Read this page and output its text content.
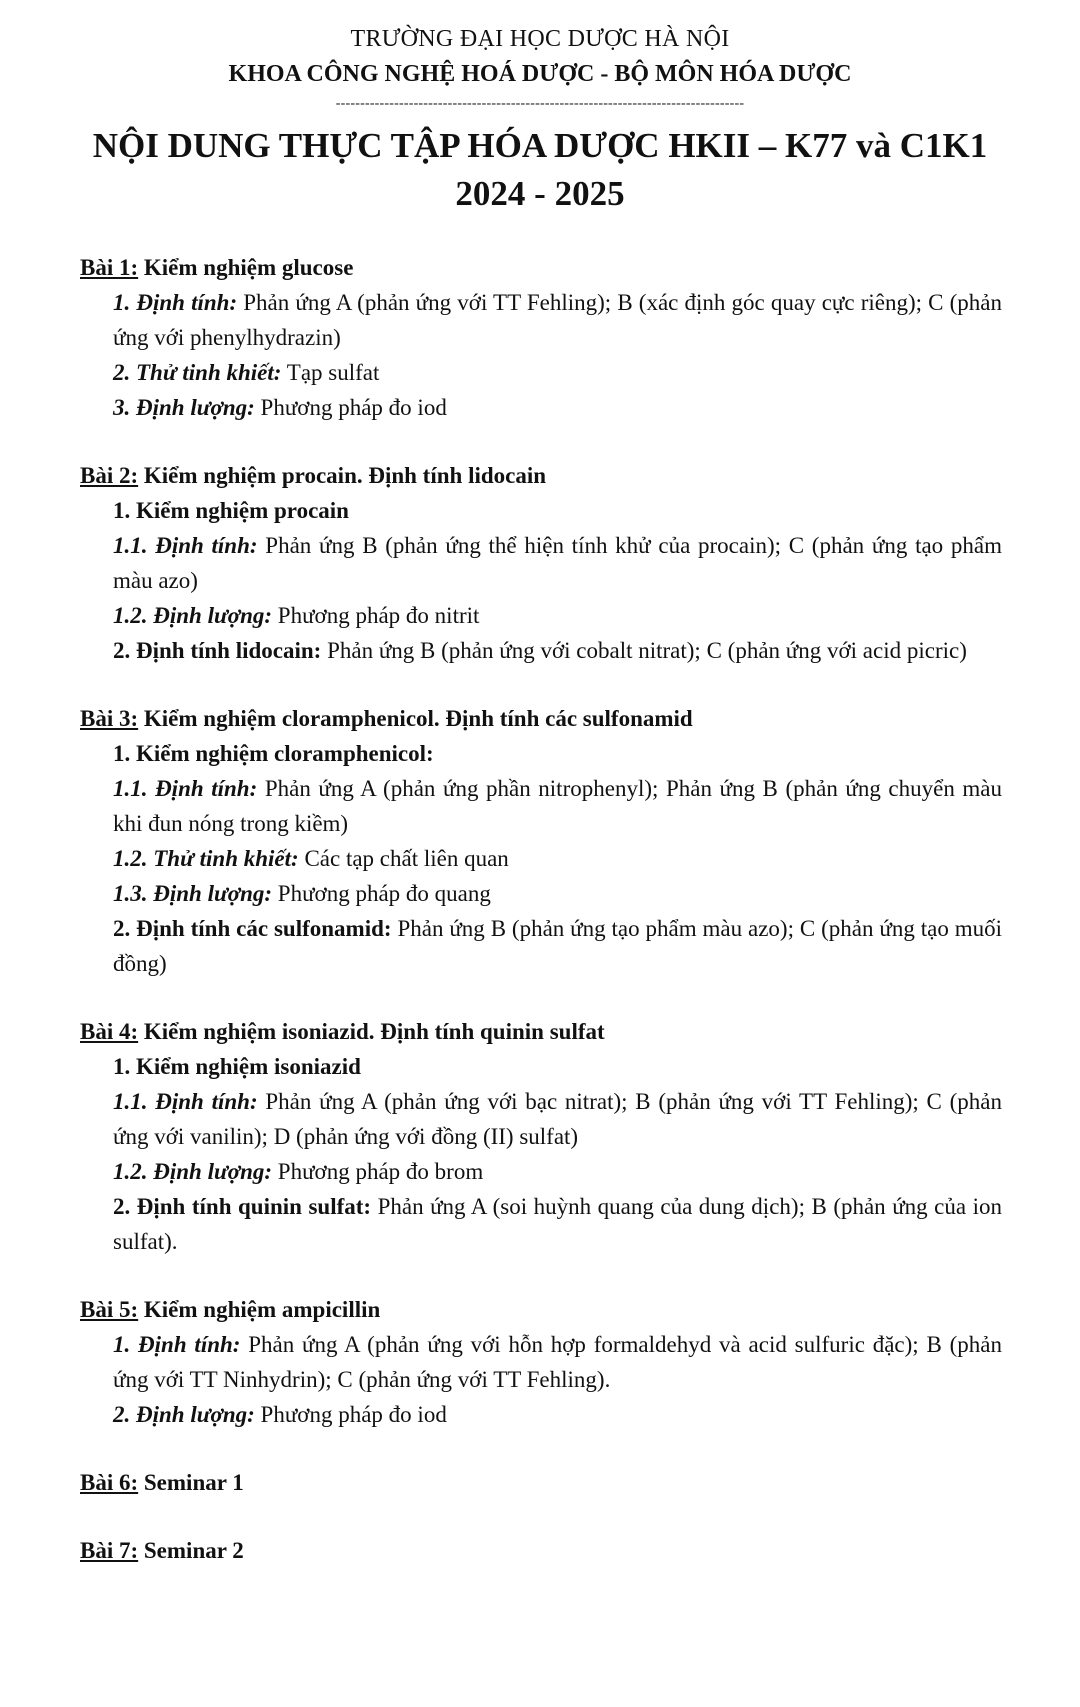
TRƯỜNG ĐẠI HỌC DƯỢC HÀ NỘI
KHOA CÔNG NGHỆ HOÁ DƯỢC - BỘ MÔN HÓA DƯỢC
------------------------------------------------------------------------------------
NỘI DUNG THỰC TẬP HÓA DƯỢC HKII – K77 và C1K1
2024 - 2025
Bài 1: Kiểm nghiệm glucose
1. Định tính: Phản ứng A (phản ứng với TT Fehling); B (xác định góc quay cực riêng); C (phản ứng với phenylhydrazin)
2. Thử tinh khiết: Tạp sulfat
3. Định lượng: Phương pháp đo iod
Bài 2: Kiểm nghiệm procain. Định tính lidocain
1. Kiểm nghiệm procain
1.1. Định tính: Phản ứng B (phản ứng thể hiện tính khử của procain); C (phản ứng tạo phẩm màu azo)
1.2. Định lượng: Phương pháp đo nitrit
2. Định tính lidocain: Phản ứng B (phản ứng với cobalt nitrat); C (phản ứng với acid picric)
Bài 3: Kiểm nghiệm cloramphenicol. Định tính các sulfonamid
1. Kiểm nghiệm cloramphenicol:
1.1. Định tính: Phản ứng A (phản ứng phần nitrophenyl); Phản ứng B (phản ứng chuyển màu khi đun nóng trong kiềm)
1.2. Thử tinh khiết: Các tạp chất liên quan
1.3. Định lượng: Phương pháp đo quang
2. Định tính các sulfonamid: Phản ứng B (phản ứng tạo phẩm màu azo); C (phản ứng tạo muối đồng)
Bài 4: Kiểm nghiệm isoniazid. Định tính quinin sulfat
1. Kiểm nghiệm isoniazid
1.1. Định tính: Phản ứng A (phản ứng với bạc nitrat); B (phản ứng với TT Fehling); C (phản ứng với vanilin); D (phản ứng với đồng (II) sulfat)
1.2. Định lượng: Phương pháp đo brom
2. Định tính quinin sulfat: Phản ứng A (soi huỳnh quang của dung dịch); B (phản ứng của ion sulfat).
Bài 5: Kiểm nghiệm ampicillin
1. Định tính: Phản ứng A (phản ứng với hỗn hợp formaldehyd và acid sulfuric đặc); B (phản ứng với TT Ninhydrin); C (phản ứng với TT Fehling).
2. Định lượng: Phương pháp đo iod
Bài 6: Seminar 1
Bài 7: Seminar 2
